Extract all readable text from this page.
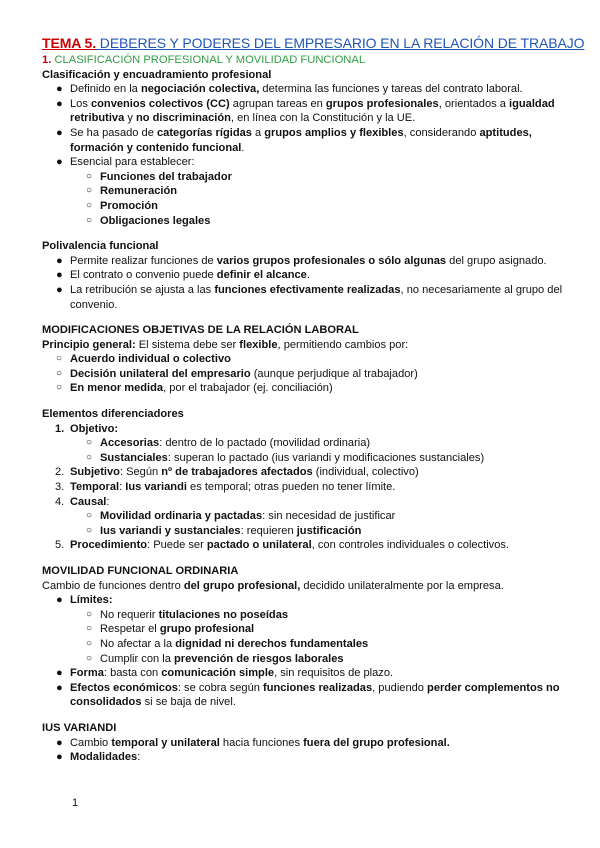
TEMA 5. DEBERES Y PODERES DEL EMPRESARIO EN LA RELACIÓN DE TRABAJO
1. CLASIFICACIÓN PROFESIONAL Y MOVILIDAD FUNCIONAL
Clasificación y encuadramiento profesional
● Definido en la negociación colectiva, determina las funciones y tareas del contrato laboral.
● Los convenios colectivos (CC) agrupan tareas en grupos profesionales, orientados a igualdad retributiva y no discriminación, en línea con la Constitución y la UE.
● Se ha pasado de categorías rígidas a grupos amplios y flexibles, considerando aptitudes, formación y contenido funcional.
● Esencial para establecer:
○ Funciones del trabajador
○ Remuneración
○ Promoción
○ Obligaciones legales
Polivalencia funcional
● Permite realizar funciones de varios grupos profesionales o sólo algunas del grupo asignado.
● El contrato o convenio puede definir el alcance.
● La retribución se ajusta a las funciones efectivamente realizadas, no necesariamente al grupo del convenio.
MODIFICACIONES OBJETIVAS DE LA RELACIÓN LABORAL
Principio general: El sistema debe ser flexible, permitiendo cambios por:
○ Acuerdo individual o colectivo
○ Decisión unilateral del empresario (aunque perjudique al trabajador)
○ En menor medida, por el trabajador (ej. conciliación)
Elementos diferenciadores
1. Objetivo:
○ Accesorias: dentro de lo pactado (movilidad ordinaria)
○ Sustanciales: superan lo pactado (ius variandi y modificaciones sustanciales)
2. Subjetivo: Según nº de trabajadores afectados (individual, colectivo)
3. Temporal: Ius variandi es temporal; otras pueden no tener límite.
4. Causal:
○ Movilidad ordinaria y pactadas: sin necesidad de justificar
○ Ius variandi y sustanciales: requieren justificación
5. Procedimiento: Puede ser pactado o unilateral, con controles individuales o colectivos.
MOVILIDAD FUNCIONAL ORDINARIA
Cambio de funciones dentro del grupo profesional, decidido unilateralmente por la empresa.
● Límites:
○ No requerir titulaciones no poseídas
○ Respetar el grupo profesional
○ No afectar a la dignidad ni derechos fundamentales
○ Cumplir con la prevención de riesgos laborales
● Forma: basta con comunicación simple, sin requisitos de plazo.
● Efectos económicos: se cobra según funciones realizadas, pudiendo perder complementos no consolidados si se baja de nivel.
IUS VARIANDI
● Cambio temporal y unilateral hacia funciones fuera del grupo profesional.
● Modalidades:
1
